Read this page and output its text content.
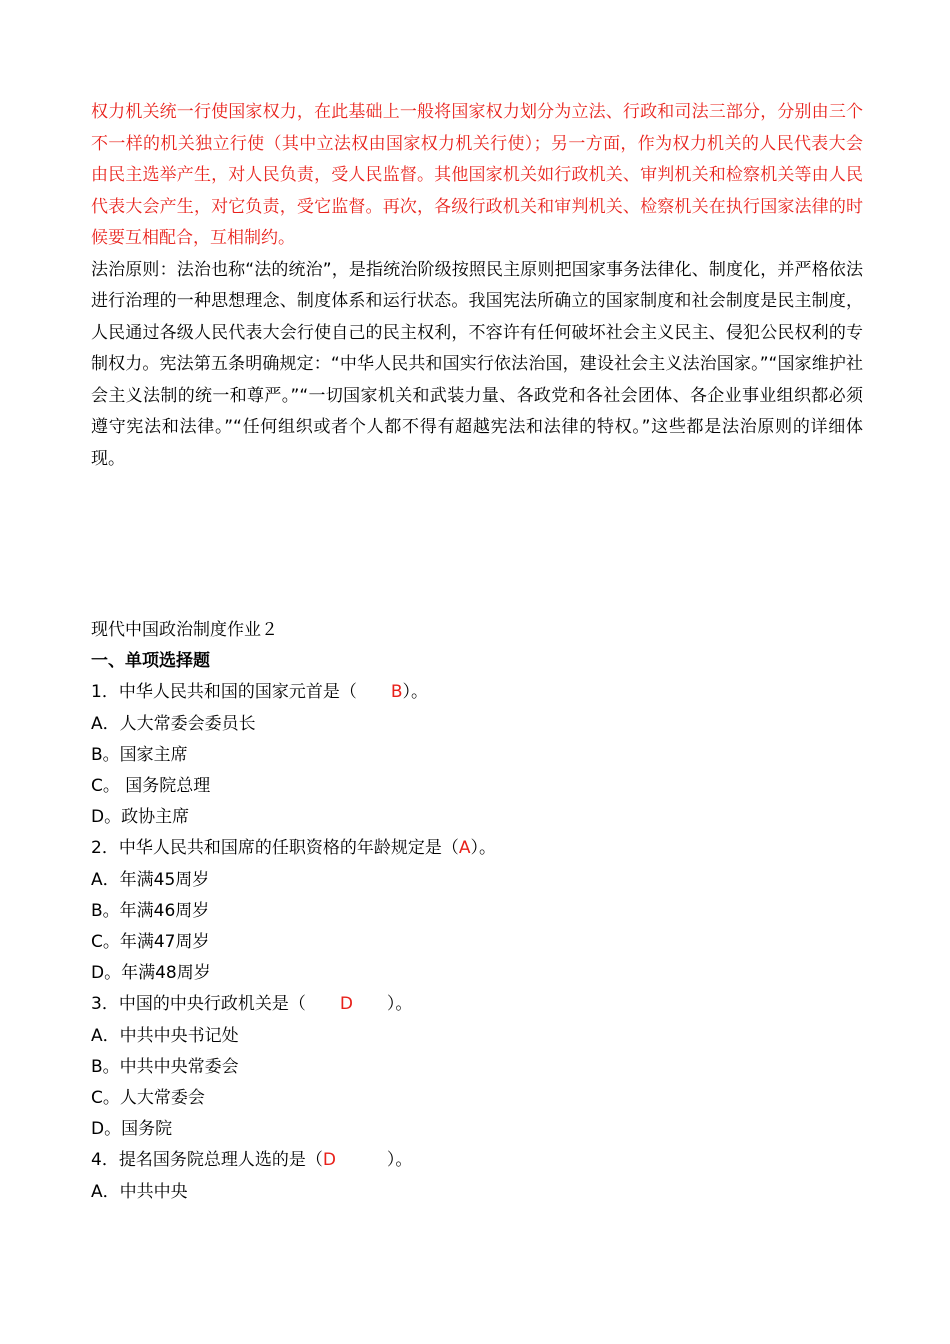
权力机关统一行使国家权力，在此基础上一般将国家权力划分为立法、行政和司法三部分，分别由三个不一样的机关独立行使（其中立法权由国家权力机关行使）；另一方面，作为权力机关的人民代表大会由民主选举产生，对人民负责，受人民监督。其他国家机关如行政机关、审判机关和检察机关等由人民代表大会产生，对它负责，受它监督。再次，各级行政机关和审判机关、检察机关在执行国家法律的时候要互相配合，互相制约。

法治原则：法治也称“法的统治”，是指统治阶级按照民主原则把国家事务法律化、制度化，并严格依法进行治理的一种思想理念、制度体系和运行状态。我国宪法所确立的国家制度和社会制度是民主制度，人民通过各级人民代表大会行使自己的民主权利，不容许有任何破坏社会主义民主、侵犯公民权利的专制权力。宪法第五条明确规定：“中华人民共和国实行依法治国，建设社会主义法治国家。”“国家维护社会主义法制的统一和尊严。”“一切国家机关和武装力量、各政党和各社会团体、各企业事业组织都必须遵守宪法和法律。”“任何组织或者个人都不得有超越宪法和法律的特权。”这些都是法治原则的详细体现。

现代中国政治制度作业２

一、单项选择题

1．中华人民共和国的国家元首是（　　B）。

A．人大常委会委员长

B。国家主席

C。 国务院总理

D。政协主席

2．中华人民共和国席的任职资格的年龄规定是（A）。

A．年满45周岁

B。年满46周岁

C。年满47周岁

D。年满48周岁

3．中国的中央行政机关是（　　D　　）。

A．中共中央书记处

B。中共中央常委会

C。人大常委会

D。国务院

4．提名国务院总理人选的是（D　　　）。

A．中共中央
